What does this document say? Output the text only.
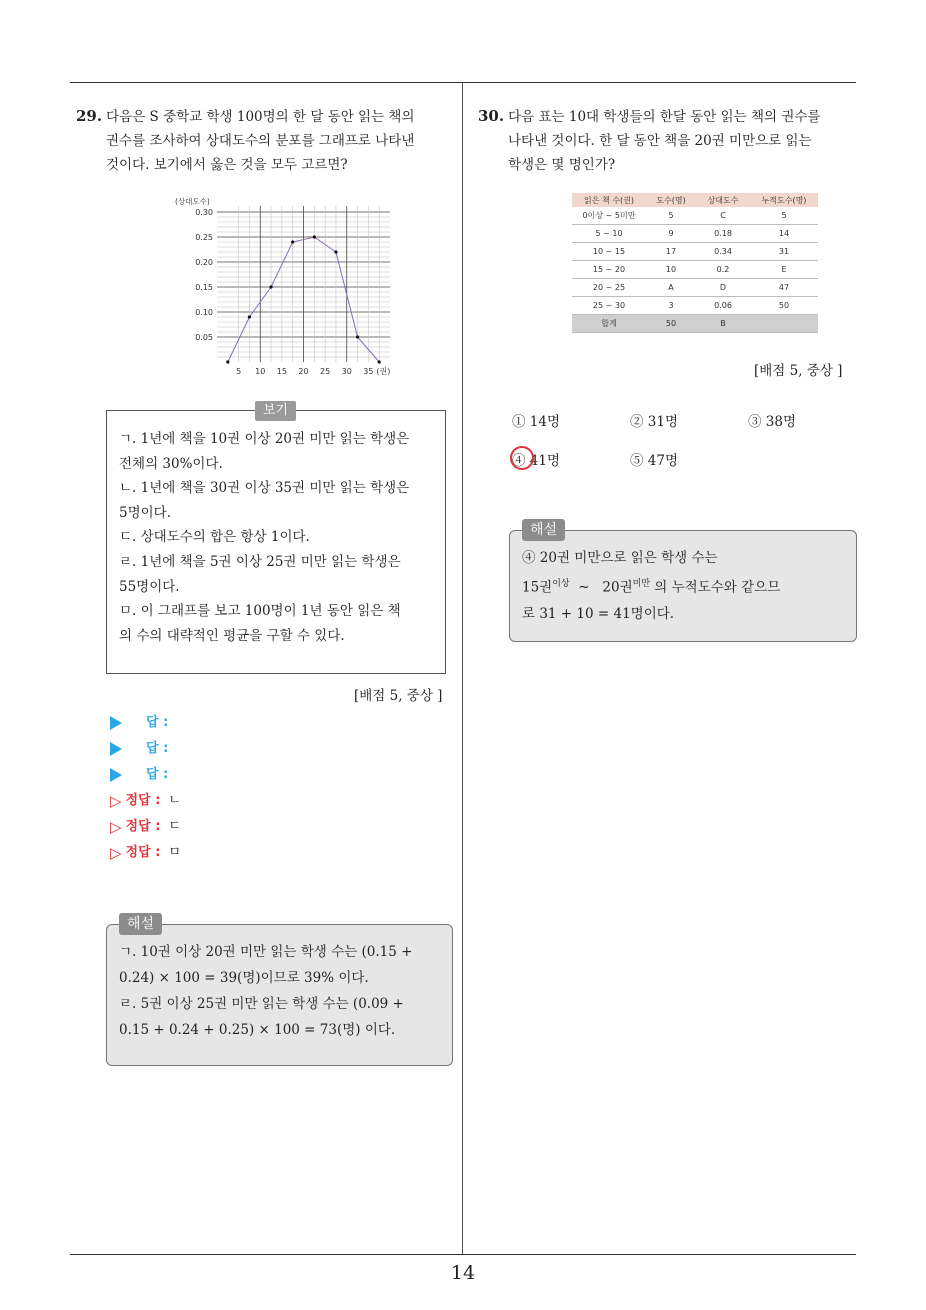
29. 다음은 S 중학교 학생 100명의 한 달 동안 읽는 책의
권수를 조사하여 상대도수의 분포를 그래프로 나타낸
것이다. 보기에서 옳은 것을 모두 고르면?
0.05
0.10
0.15
0.20
0.25
0.30
5 10 15 20 25 30 35
(상대도수)
(권)
보기
ㄱ. 1년에 책을 10권 이상 20권 미만 읽는 학생은
전체의 30%이다.
ㄴ. 1년에 책을 30권 이상 35권 미만 읽는 학생은
5명이다.
ㄷ. 상대도수의 합은 항상 1이다.
ㄹ. 1년에 책을 5권 이상 25권 미만 읽는 학생은
55명이다.
ㅁ. 이 그래프를 보고 100명이 1년 동안 읽은 책
의 수의 대략적인 평균을 구할 수 있다.
[배점 5, 중상 ]
답 :
답 :
답 :
▷ 정답 : ㄴ
▷ 정답 : ㄷ
▷ 정답 : ㅁ
해설
ㄱ. 10권 이상 20권 미만 읽는 학생 수는 (0.15 +
0.24) × 100 = 39(명)이므로 39% 이다.
ㄹ. 5권 이상 25권 미만 읽는 학생 수는 (0.09 +
0.15 + 0.24 + 0.25) × 100 = 73(명) 이다.
30. 다음 표는 10대 학생들의 한달 동안 읽는 책의 권수를
나타낸 것이다. 한 달 동안 책을 20권 미만으로 읽는
학생은 몇 명인가?
읽은 책 수(권)	도수(명)	상대도수	누적도수(명)
0이상 ~ 5미만	5	C	5
5 ~ 10	9	0.18	14
10 ~ 15	17	0.34	31
15 ~ 20	10	0.2	E
20 ~ 25	A	D	47
25 ~ 30	3	0.06	50
합계	50	B	
[배점 5, 중상 ]
① 14명	② 31명	③ 38명
④ 41명	⑤ 47명
해설
④ 20권 미만으로 읽은 학생 수는
15권$^{이상}$  ~   20권$^{미만}$ 의 누적도수와 같으므
로 31 + 10 = 41명이다.
14
